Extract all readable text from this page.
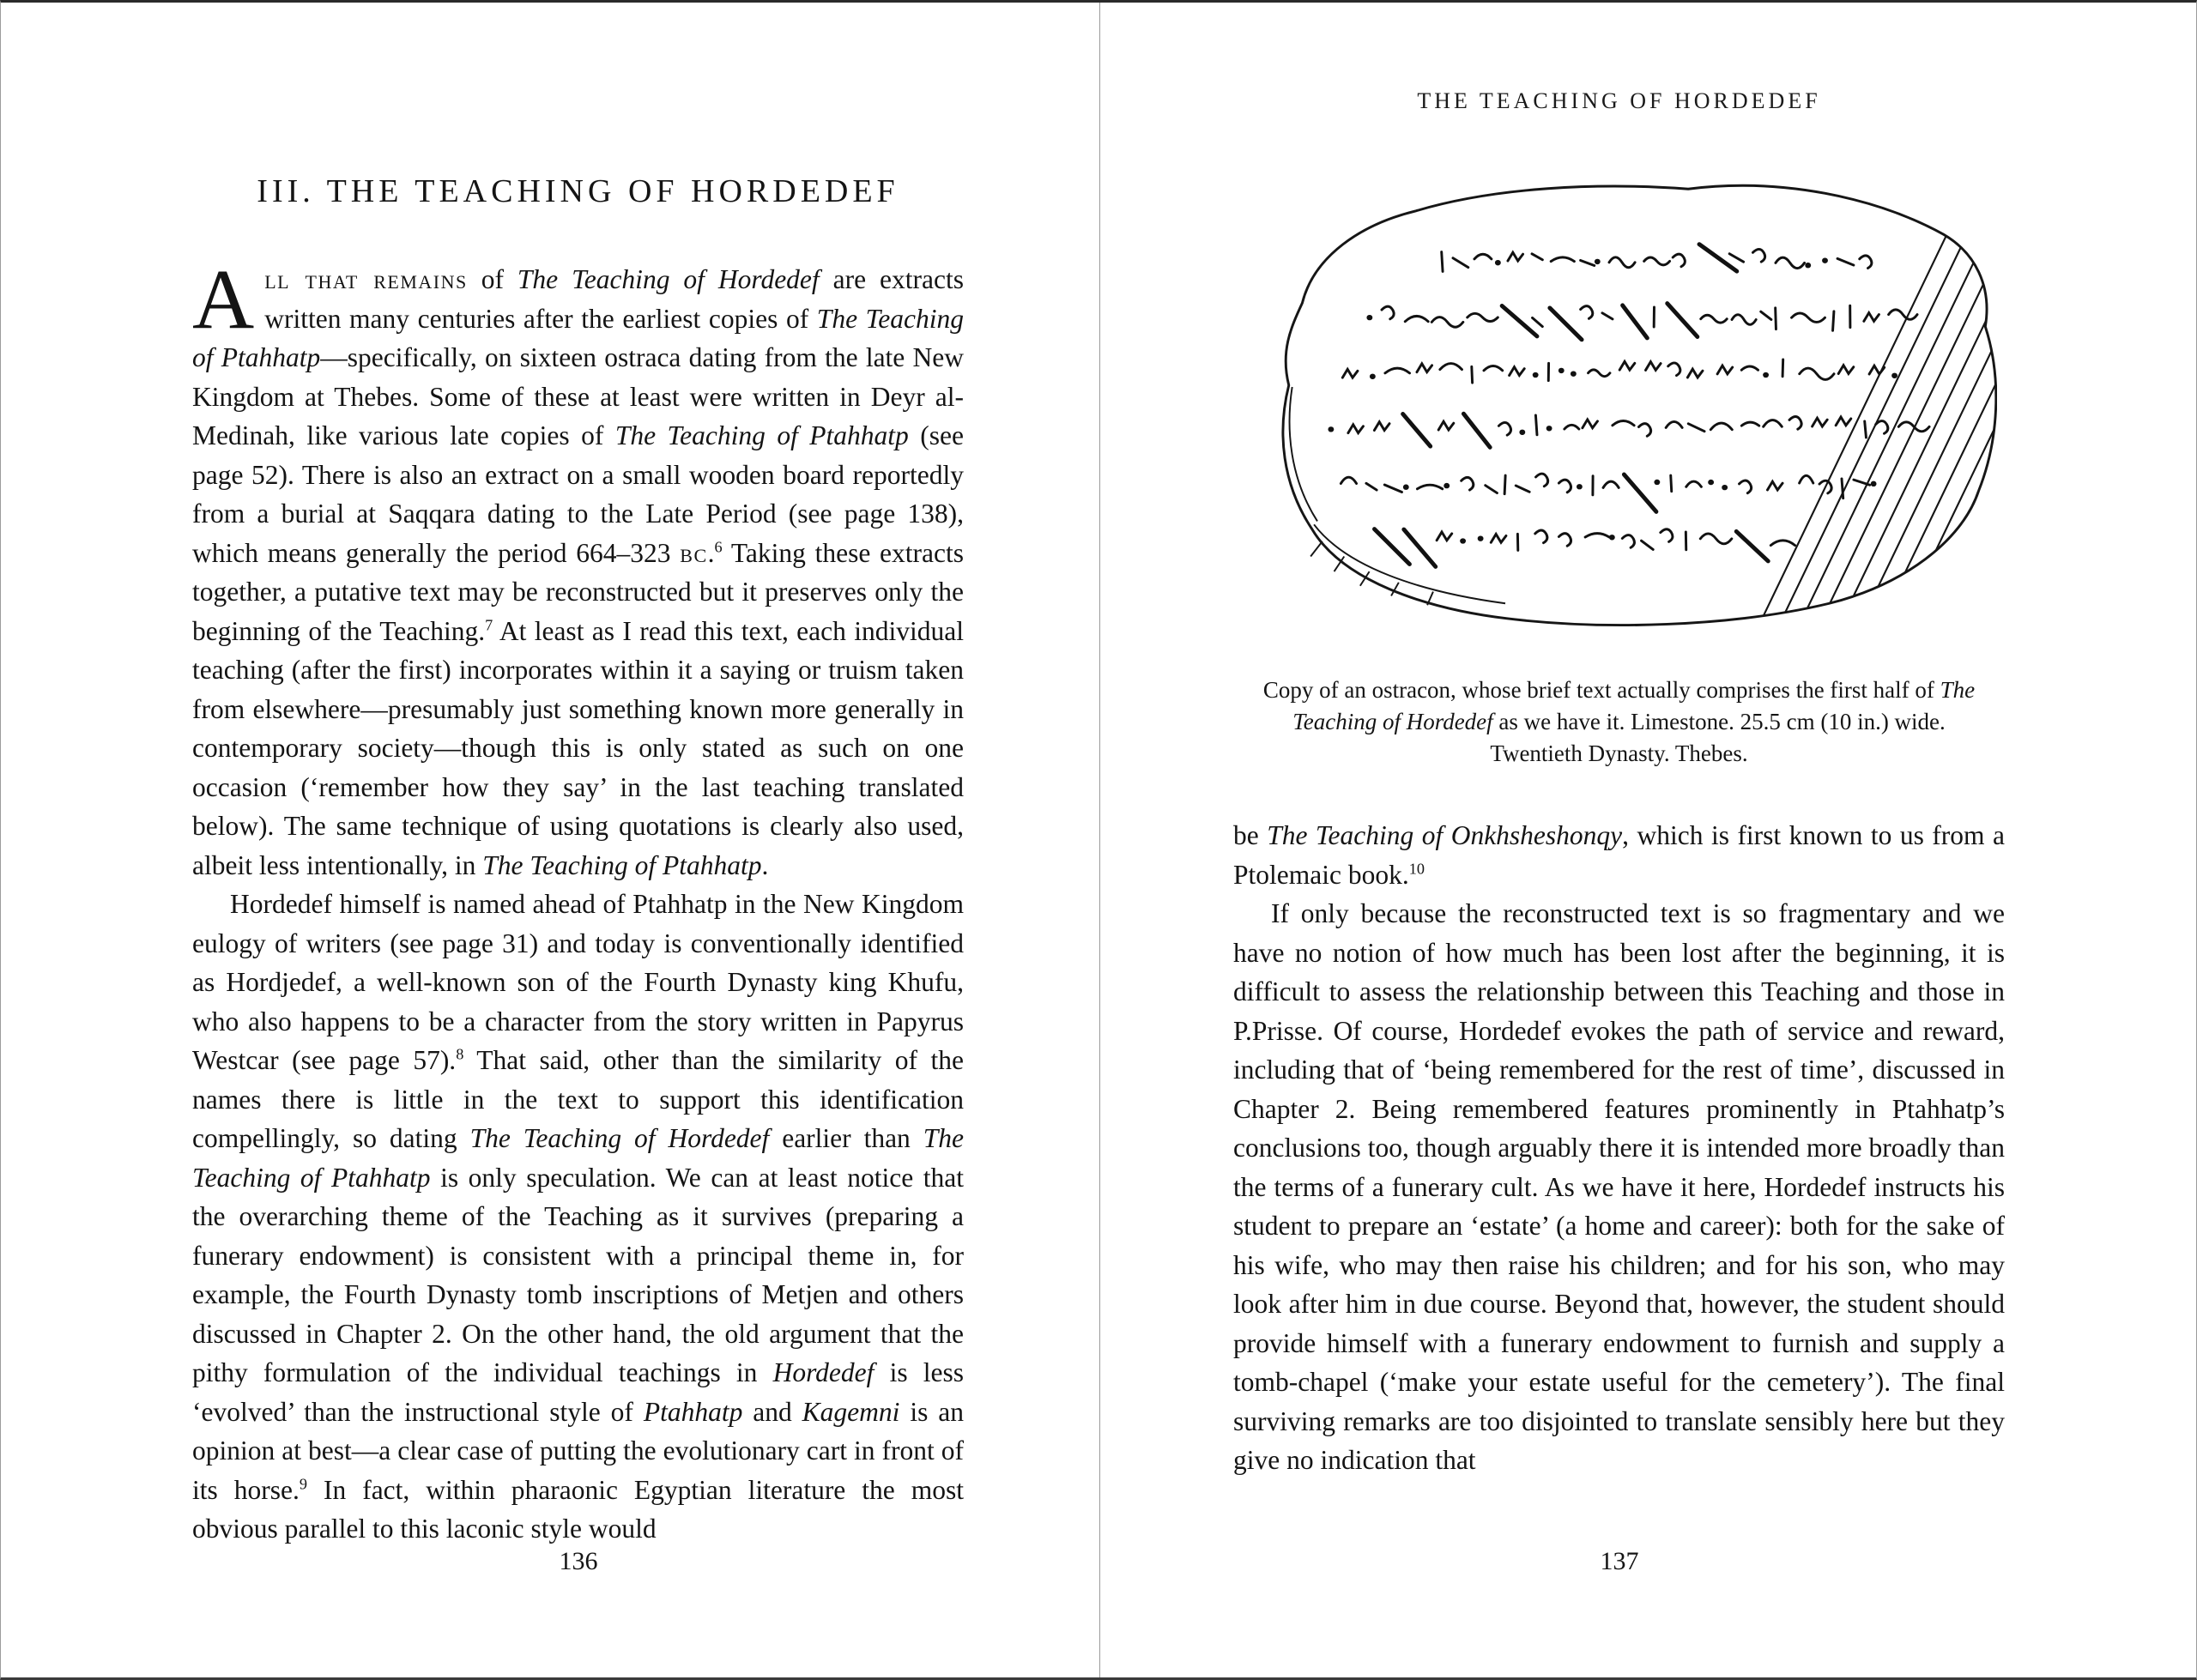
III. THE TEACHING OF HORDEDEF

All that remains of The Teaching of Hordedef are extracts written many centuries after the earliest copies of The Teaching of Ptahhatp—specifically, on sixteen ostraca dating from the late New Kingdom at Thebes. Some of these at least were written in Deyr al-Medinah, like various late copies of The Teaching of Ptahhatp (see page 52). There is also an extract on a small wooden board reportedly from a burial at Saqqara dating to the Late Period (see page 138), which means generally the period 664–323 bc.$^6$ Taking these extracts together, a putative text may be reconstructed but it preserves only the beginning of the Teaching.$^7$ At least as I read this text, each individual teaching (after the first) incorporates within it a saying or truism taken from elsewhere—presumably just something known more generally in contemporary society—though this is only stated as such on one occasion (‘remember how they say’ in the last teaching translated below). The same technique of using quotations is clearly also used, albeit less intentionally, in The Teaching of Ptahhatp.

Hordedef himself is named ahead of Ptahhatp in the New Kingdom eulogy of writers (see page 31) and today is conventionally identified as Hordjedef, a well-known son of the Fourth Dynasty king Khufu, who also happens to be a character from the story written in Papyrus Westcar (see page 57).$^8$ That said, other than the similarity of the names there is little in the text to support this identification compellingly, so dating The Teaching of Hordedef earlier than The Teaching of Ptahhatp is only speculation. We can at least notice that the overarching theme of the Teaching as it survives (preparing a funerary endowment) is consistent with a principal theme in, for example, the Fourth Dynasty tomb inscriptions of Metjen and others discussed in Chapter 2. On the other hand, the old argument that the pithy formulation of the individual teachings in Hordedef is less ‘evolved’ than the instructional style of Ptahhatp and Kagemni is an opinion at best—a clear case of putting the evolutionary cart in front of its horse.$^9$ In fact, within pharaonic Egyptian literature the most obvious parallel to this laconic style would

136
THE TEACHING OF HORDEDEF
Copy of an ostracon, whose brief text actually comprises the first half of The Teaching of Hordedef as we have it. Limestone. 25.5 cm (10 in.) wide. Twentieth Dynasty. Thebes.

be The Teaching of Onkhsheshonqy, which is first known to us from a Ptolemaic book.$^{10}$

If only because the reconstructed text is so fragmentary and we have no notion of how much has been lost after the beginning, it is difficult to assess the relationship between this Teaching and those in P.Prisse. Of course, Hordedef evokes the path of service and reward, including that of ‘being remembered for the rest of time’, discussed in Chapter 2. Being remembered features prominently in Ptahhatp’s conclusions too, though arguably there it is intended more broadly than the terms of a funerary cult. As we have it here, Hordedef instructs his student to prepare an ‘estate’ (a home and career): both for the sake of his wife, who may then raise his children; and for his son, who may look after him in due course. Beyond that, however, the student should provide himself with a funerary endowment to furnish and supply a tomb-chapel (‘make your estate useful for the cemetery’). The final surviving remarks are too disjointed to translate sensibly here but they give no indication that

137
